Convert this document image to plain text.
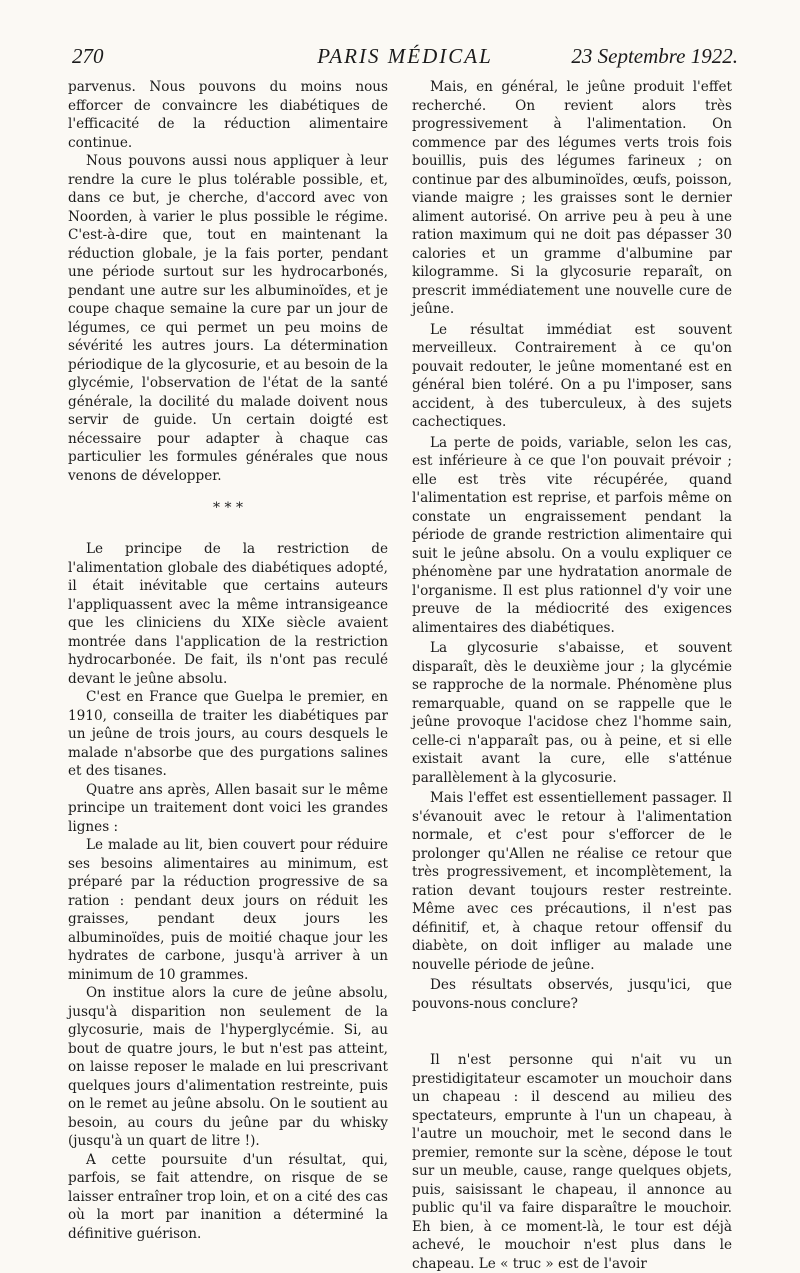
270	PARIS MÉDICAL	23 Septembre 1922.

parvenus. Nous pouvons du moins nous efforcer de convaincre les diabétiques de l'efficacité de la réduction alimentaire continue.

Nous pouvons aussi nous appliquer à leur rendre la cure le plus tolérable possible, et, dans ce but, je cherche, d'accord avec von Noorden, à varier le plus possible le régime. C'est-à-dire que, tout en maintenant la réduction globale, je la fais porter, pendant une période surtout sur les hydrocarbonés, pendant une autre sur les albuminoïdes, et je coupe chaque semaine la cure par un jour de légumes, ce qui permet un peu moins de sévérité les autres jours. La détermination périodique de la glycosurie, et au besoin de la glycémie, l'observation de l'état de la santé générale, la docilité du malade doivent nous servir de guide. Un certain doigté est nécessaire pour adapter à chaque cas particulier les formules générales que nous venons de développer.

* * *

Le principe de la restriction de l'alimentation globale des diabétiques adopté, il était inévitable que certains auteurs l'appliquassent avec la même intransigeance que les cliniciens du XIXe siècle avaient montrée dans l'application de la restriction hydrocarbonée. De fait, ils n'ont pas reculé devant le jeûne absolu.

C'est en France que Guelpa le premier, en 1910, conseilla de traiter les diabétiques par un jeûne de trois jours, au cours desquels le malade n'absorbe que des purgations salines et des tisanes.

Quatre ans après, Allen basait sur le même principe un traitement dont voici les grandes lignes :

Le malade au lit, bien couvert pour réduire ses besoins alimentaires au minimum, est préparé par la réduction progressive de sa ration : pendant deux jours on réduit les graisses, pendant deux jours les albuminoïdes, puis de moitié chaque jour les hydrates de carbone, jusqu'à arriver à un minimum de 10 grammes.

On institue alors la cure de jeûne absolu, jusqu'à disparition non seulement de la glycosurie, mais de l'hyperglycémie. Si, au bout de quatre jours, le but n'est pas atteint, on laisse reposer le malade en lui prescrivant quelques jours d'alimentation restreinte, puis on le remet au jeûne absolu. On le soutient au besoin, au cours du jeûne par du whisky (jusqu'à un quart de litre !).

A cette poursuite d'un résultat, qui, parfois, se fait attendre, on risque de se laisser entraîner trop loin, et on a cité des cas où la mort par inanition a déterminé la définitive guérison.

Mais, en général, le jeûne produit l'effet recherché. On revient alors très progressivement à l'alimentation. On commence par des légumes verts trois fois bouillis, puis des légumes farineux ; on continue par des albuminoïdes, œufs, poisson, viande maigre ; les graisses sont le dernier aliment autorisé. On arrive peu à peu à une ration maximum qui ne doit pas dépasser 30 calories et un gramme d'albumine par kilogramme. Si la glycosurie reparaît, on prescrit immédiatement une nouvelle cure de jeûne.

Le résultat immédiat est souvent merveilleux. Contrairement à ce qu'on pouvait redouter, le jeûne momentané est en général bien toléré. On a pu l'imposer, sans accident, à des tuberculeux, à des sujets cachectiques.

La perte de poids, variable, selon les cas, est inférieure à ce que l'on pouvait prévoir ; elle est très vite récupérée, quand l'alimentation est reprise, et parfois même on constate un engraissement pendant la période de grande restriction alimentaire qui suit le jeûne absolu. On a voulu expliquer ce phénomène par une hydratation anormale de l'organisme. Il est plus rationnel d'y voir une preuve de la médiocrité des exigences alimentaires des diabétiques.

La glycosurie s'abaisse, et souvent disparaît, dès le deuxième jour ; la glycémie se rapproche de la normale. Phénomène plus remarquable, quand on se rappelle que le jeûne provoque l'acidose chez l'homme sain, celle-ci n'apparaît pas, ou à peine, et si elle existait avant la cure, elle s'atténue parallèlement à la glycosurie.

Mais l'effet est essentiellement passager. Il s'évanouit avec le retour à l'alimentation normale, et c'est pour s'efforcer de le prolonger qu'Allen ne réalise ce retour que très progressivement, et incomplètement, la ration devant toujours rester restreinte. Même avec ces précautions, il n'est pas définitif, et, à chaque retour offensif du diabète, on doit infliger au malade une nouvelle période de jeûne.

Des résultats observés, jusqu'ici, que pouvons-nous conclure?

Il n'est personne qui n'ait vu un prestidigitateur escamoter un mouchoir dans un chapeau : il descend au milieu des spectateurs, emprunte à l'un un chapeau, à l'autre un mouchoir, met le second dans le premier, remonte sur la scène, dépose le tout sur un meuble, cause, range quelques objets, puis, saisissant le chapeau, il annonce au public qu'il va faire disparaître le mouchoir. Eh bien, à ce moment-là, le tour est déjà achevé, le mouchoir n'est plus dans le chapeau. Le « truc » est de l'avoir
